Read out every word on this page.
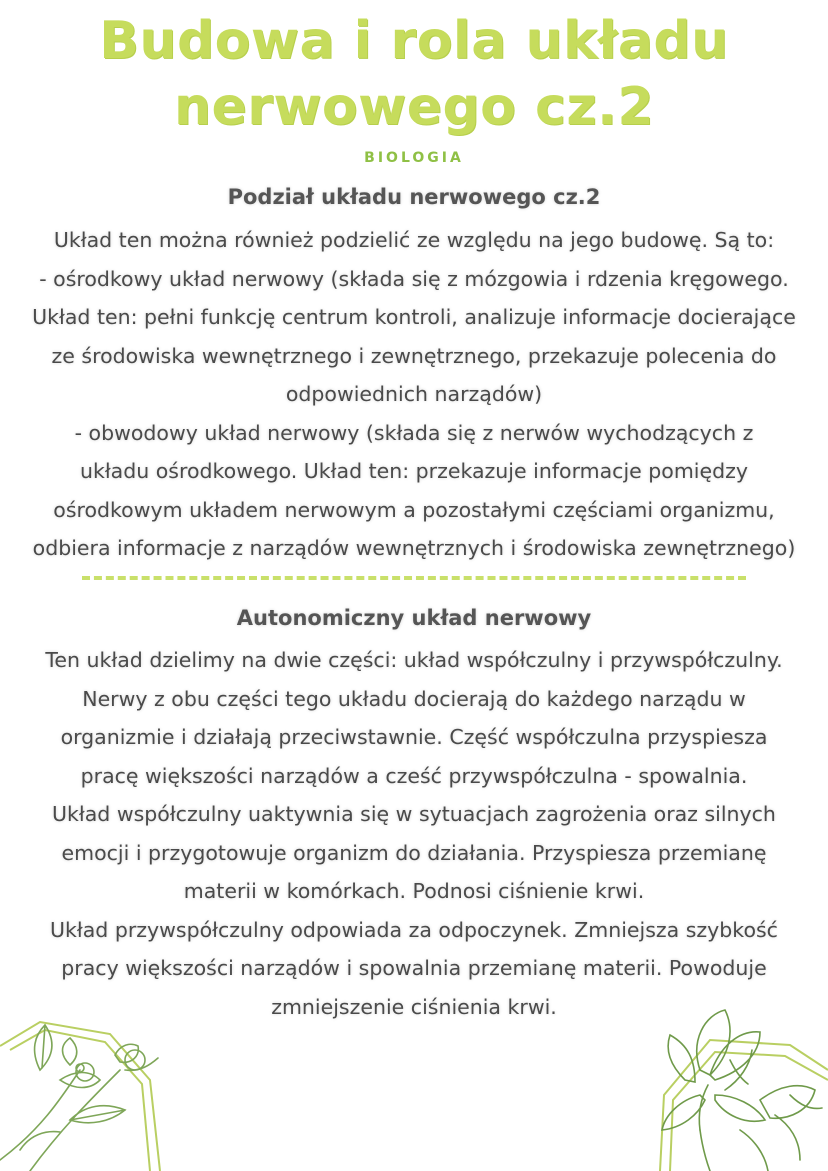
Budowa i rola układu
nerwowego cz.2
BIOLOGIA
Podział układu nerwowego cz.2
Układ ten można również podzielić ze względu na jego budowę. Są to:
- ośrodkowy układ nerwowy (składa się z mózgowia i rdzenia kręgowego.
Układ ten: pełni funkcję centrum kontroli, analizuje informacje docierające
ze środowiska wewnętrznego i zewnętrznego, przekazuje polecenia do
odpowiednich narządów)
- obwodowy układ nerwowy (składa się z nerwów wychodzących z
układu ośrodkowego. Układ ten: przekazuje informacje pomiędzy
ośrodkowym układem nerwowym a pozostałymi częściami organizmu,
odbiera informacje z narządów wewnętrznych i środowiska zewnętrznego)
Autonomiczny układ nerwowy
Ten układ dzielimy na dwie części: układ współczulny i przywspółczulny.
Nerwy z obu części tego układu docierają do każdego narządu w
organizmie i działają przeciwstawnie. Część współczulna przyspiesza
pracę większości narządów a cześć przywspółczulna - spowalnia.
Układ współczulny uaktywnia się w sytuacjach zagrożenia oraz silnych
emocji i przygotowuje organizm do działania. Przyspiesza przemianę
materii w komórkach. Podnosi ciśnienie krwi.
Układ przywspółczulny odpowiada za odpoczynek. Zmniejsza szybkość
pracy większości narządów i spowalnia przemianę materii. Powoduje
zmniejszenie ciśnienia krwi.
